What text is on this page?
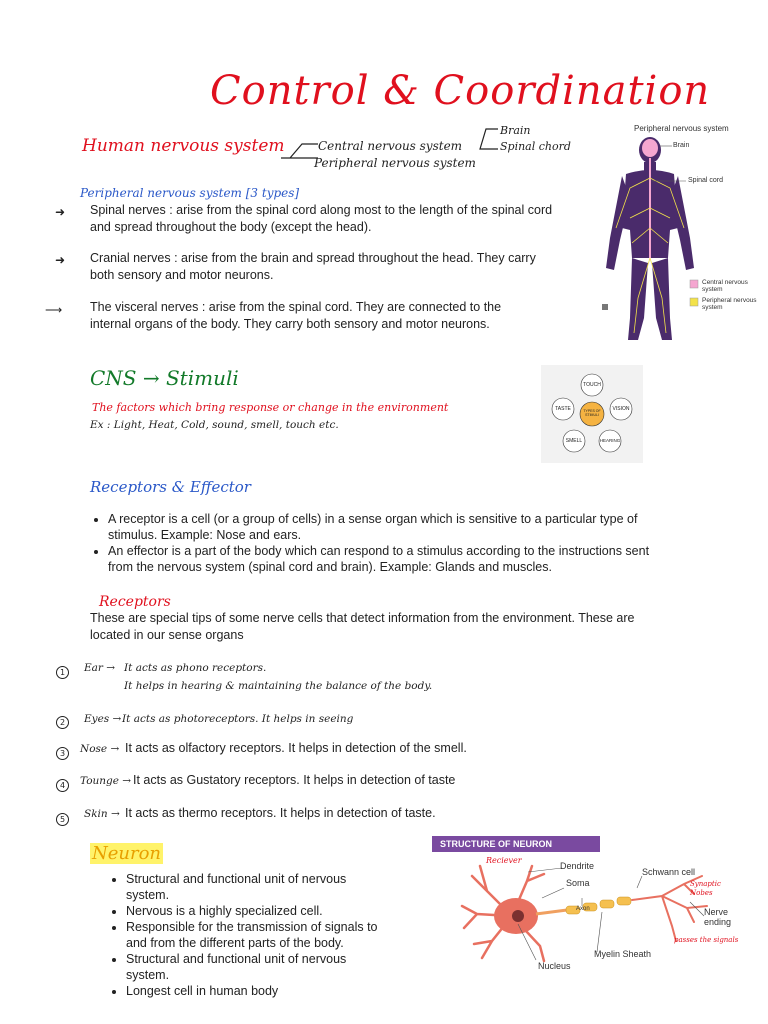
Control & Coordination
Human nervous system	Central nervous system
Peripheral nervous system
Brain
Spinal chord
Peripheral nervous system
Brain
Spinal cord
Central nervous system
Peripheral nervous system
Peripheral nervous system [3 types]
➜ Spinal nerves : arise from the spinal cord along most to the length of the spinal cord and spread throughout the body (except the head).
➜ Cranial nerves : arise from the brain and spread throughout the head. They carry both sensory and motor neurons.
⟶ The visceral nerves : arise from the spinal cord. They are connected to the internal organs of the body. They carry both sensory and motor neurons.
CNS → Stimuli
The factors which bring response or change in the environment
Ex : Light, Heat, Cold, sound, smell, touch etc.
TYPES OF STIMULI
TOUCH
VISION
HEARING
SMELL
TASTE
Receptors & Effector
• A receptor is a cell (or a group of cells) in a sense organ which is sensitive to a particular type of stimulus. Example: Nose and ears.
• An effector is a part of the body which can respond to a stimulus according to the instructions sent from the nervous system (spinal cord and brain). Example: Glands and muscles.
Receptors
These are special tips of some nerve cells that detect information from the environment. These are located in our sense organs
1	Ear → It acts as phono receptors.
It helps in hearing & maintaining the balance of the body.
2	Eyes → It acts as photoreceptors. It helps in seeing
3	Nose → It acts as olfactory receptors. It helps in detection of the smell.
4	Tounge → It acts as Gustatory receptors. It helps in detection of taste
5	Skin → It acts as thermo receptors. It helps in detection of taste.
Neuron
• Structural and functional unit of nervous system.
• Nervous is a highly specialized cell.
• Responsible for the transmission of signals to and from the different parts of the body.
• Structural and functional unit of nervous system.
• Longest cell in human body
STRUCTURE OF NEURON
Dendrite
Soma
Axon
Schwann cell
Nerve ending
Myelin Sheath
Nucleus
Reciever
Synaptic Nobes
passes the signals
